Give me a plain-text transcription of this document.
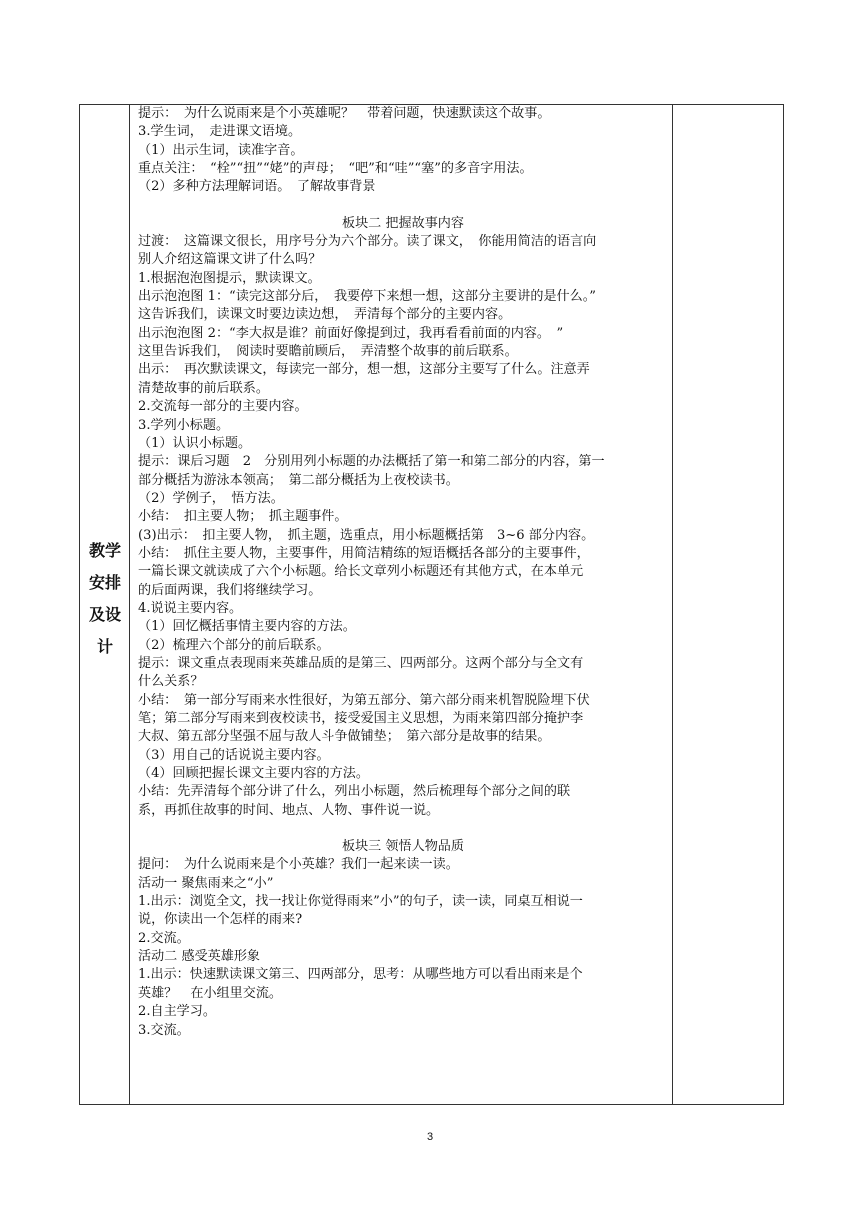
教学
安排
及设
计

提示：　为什么说雨来是个小英雄呢？　带着问题，快速默读这个故事。

3.学生词，　走进课文语境。

（1）出示生词，读准字音。

重点关注：　“栓”“扭”“姥”的声母；　“吧”和“哇”“塞”的多音字用法。

（2）多种方法理解词语。　了解故事背景

板块二 把握故事内容

过渡：　这篇课文很长，用序号分为六个部分。读了课文，　你能用简洁的语言向

别人介绍这篇课文讲了什么吗？

1.根据泡泡图提示，默读课文。

出示泡泡图 1：“读完这部分后，　我要停下来想一想，这部分主要讲的是什么。”

这告诉我们，读课文时要边读边想，　弄清每个部分的主要内容。

出示泡泡图 2：“李大叔是谁？前面好像提到过，我再看看前面的内容。　”

这里告诉我们，　阅读时要瞻前顾后，　弄清整个故事的前后联系。

出示：　再次默读课文，每读完一部分，想一想，这部分主要写了什么。注意弄

清楚故事的前后联系。

2.交流每一部分的主要内容。

3.学列小标题。

（1）认识小标题。

提示：课后习题　2　分别用列小标题的办法概括了第一和第二部分的内容，第一

部分概括为游泳本领高；　第二部分概括为上夜校读书。

（2）学例子，　悟方法。

小结：　扣主要人物；　抓主题事件。

(3)出示：　扣主要人物，　抓主题，选重点，用小标题概括第　3~6 部分内容。

小结：　抓住主要人物，主要事件，用简洁精练的短语概括各部分的主要事件，

一篇长课文就读成了六个小标题。给长文章列小标题还有其他方式，在本单元

的后面两课，我们将继续学习。

4.说说主要内容。

（1）回忆概括事情主要内容的方法。

（2）梳理六个部分的前后联系。

提示：课文重点表现雨来英雄品质的是第三、四两部分。这两个部分与全文有

什么关系？

小结：　第一部分写雨来水性很好，为第五部分、第六部分雨来机智脱险埋下伏

笔；第二部分写雨来到夜校读书，接受爱国主义思想，为雨来第四部分掩护李

大叔、第五部分坚强不屈与敌人斗争做铺垫；　第六部分是故事的结果。

（3）用自己的话说说主要内容。

（4）回顾把握长课文主要内容的方法。

小结：先弄清每个部分讲了什么，列出小标题，然后梳理每个部分之间的联

系，再抓住故事的时间、地点、人物、事件说一说。

板块三 领悟人物品质

提问：　为什么说雨来是个小英雄？我们一起来读一读。

活动一 聚焦雨来之“小”

1.出示：浏览全文，找一找让你觉得雨来”小”的句子，读一读，同桌互相说一

说，你读出一个怎样的雨来?

2.交流。

活动二 感受英雄形象

1.出示：快速默读课文第三、四两部分，思考：从哪些地方可以看出雨来是个

英雄？　在小组里交流。

2.自主学习。

3.交流。

3
